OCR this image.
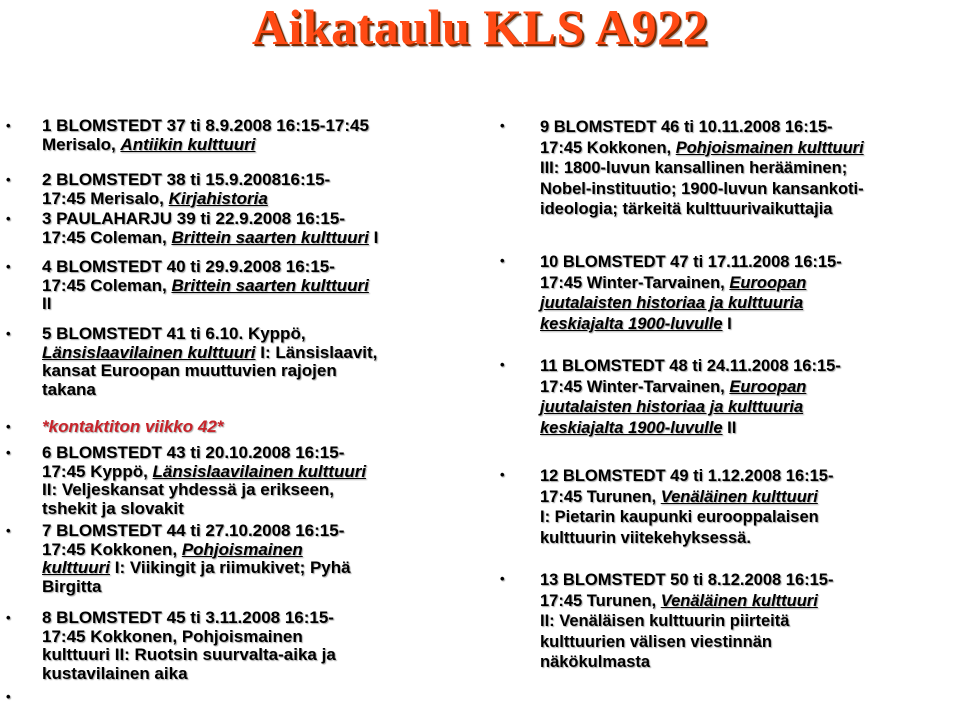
Aikataulu KLS A922
• 1 BLOMSTEDT 37 ti 8.9.2008 16:15-17:45
Merisalo, Antiikin kulttuuri
• 2 BLOMSTEDT 38 ti 15.9.200816:15-
17:45 Merisalo, Kirjahistoria
• 3 PAULAHARJU 39 ti 22.9.2008 16:15-
17:45 Coleman, Brittein saarten kulttuuri I
• 4 BLOMSTEDT 40 ti 29.9.2008 16:15-
17:45 Coleman, Brittein saarten kulttuuri
II
• 5 BLOMSTEDT 41 ti 6.10. Kyppö,
Länsislaavilainen kulttuuri I: Länsislaavit,
kansat Euroopan muuttuvien rajojen
takana
• *kontaktiton viikko 42*
• 6 BLOMSTEDT 43 ti 20.10.2008 16:15-
17:45 Kyppö, Länsislaavilainen kulttuuri
II: Veljeskansat yhdessä ja erikseen,
tshekit ja slovakit
• 7 BLOMSTEDT 44 ti 27.10.2008 16:15-
17:45 Kokkonen, Pohjoismainen
kulttuuri I: Viikingit ja riimukivet; Pyhä
Birgitta
• 8 BLOMSTEDT 45 ti 3.11.2008 16:15-
17:45 Kokkonen, Pohjoismainen
kulttuuri II: Ruotsin suurvalta-aika ja
kustavilainen aika
•
• 9 BLOMSTEDT 46 ti 10.11.2008 16:15-
17:45 Kokkonen, Pohjoismainen kulttuuri
III: 1800-luvun kansallinen herääminen;
Nobel-instituutio; 1900-luvun kansankoti-
ideologia; tärkeitä kulttuurivaikuttajia
• 10 BLOMSTEDT 47 ti 17.11.2008 16:15-
17:45 Winter-Tarvainen, Euroopan
juutalaisten historiaa ja kulttuuria
keskiajalta 1900-luvulle I
• 11 BLOMSTEDT 48 ti 24.11.2008 16:15-
17:45 Winter-Tarvainen, Euroopan
juutalaisten historiaa ja kulttuuria
keskiajalta 1900-luvulle II
• 12 BLOMSTEDT 49 ti 1.12.2008 16:15-
17:45 Turunen, Venäläinen kulttuuri
I: Pietarin kaupunki eurooppalaisen
kulttuurin viitekehyksessä.
• 13 BLOMSTEDT 50 ti 8.12.2008 16:15-
17:45 Turunen, Venäläinen kulttuuri
II: Venäläisen kulttuurin piirteitä
kulttuurien välisen viestinnän
näkökulmasta
